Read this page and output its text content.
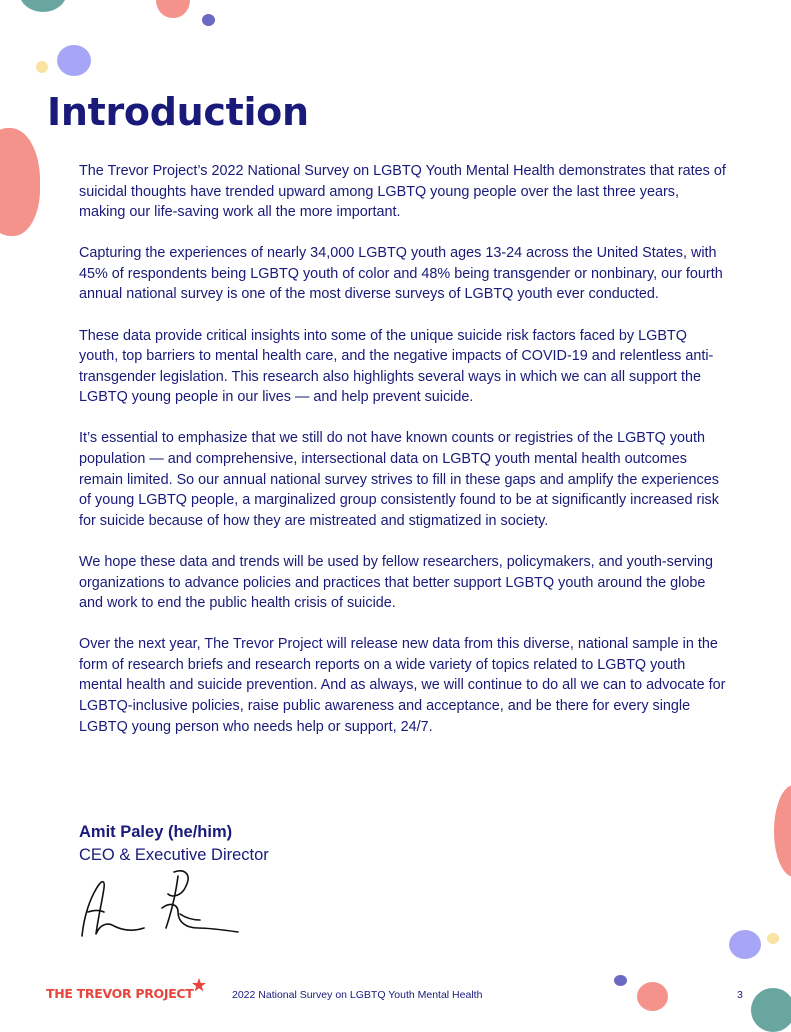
Introduction

The Trevor Project’s 2022 National Survey on LGBTQ Youth Mental Health demonstrates that rates of suicidal thoughts have trended upward among LGBTQ young people over the last three years, making our life-saving work all the more important.

Capturing the experiences of nearly 34,000 LGBTQ youth ages 13-24 across the United States, with 45% of respondents being LGBTQ youth of color and 48% being transgender or nonbinary, our fourth annual national survey is one of the most diverse surveys of LGBTQ youth ever conducted.

These data provide critical insights into some of the unique suicide risk factors faced by LGBTQ youth, top barriers to mental health care, and the negative impacts of COVID-19 and relentless anti-transgender legislation. This research also highlights several ways in which we can all support the LGBTQ young people in our lives — and help prevent suicide.

It’s essential to emphasize that we still do not have known counts or registries of the LGBTQ youth population — and comprehensive, intersectional data on LGBTQ youth mental health outcomes remain limited. So our annual national survey strives to fill in these gaps and amplify the experiences of young LGBTQ people, a marginalized group consistently found to be at significantly increased risk for suicide because of how they are mistreated and stigmatized in society.

We hope these data and trends will be used by fellow researchers, policymakers, and youth-serving organizations to advance policies and practices that better support LGBTQ youth around the globe and work to end the public health crisis of suicide.

Over the next year, The Trevor Project will release new data from this diverse, national sample in the form of research briefs and research reports on a wide variety of topics related to LGBTQ youth mental health and suicide prevention. And as always, we will continue to do all we can to advocate for LGBTQ-inclusive policies, raise public awareness and acceptance, and be there for every single LGBTQ young person who needs help or support, 24/7.

Amit Paley (he/him)
CEO & Executive Director
THE TREVOR PROJECT	2022 National Survey on LGBTQ Youth Mental Health	3
